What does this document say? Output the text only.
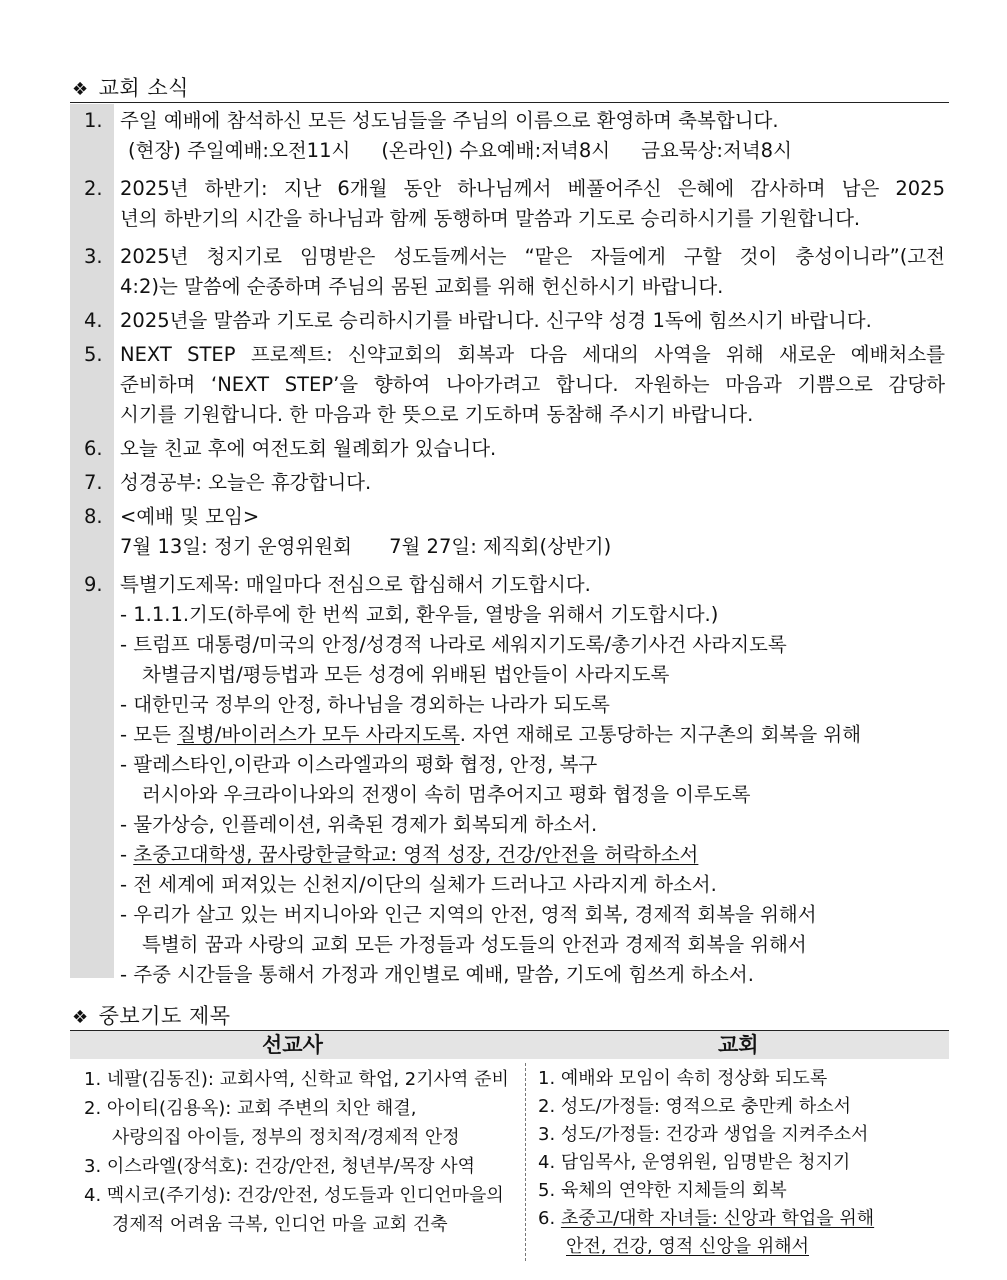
❖ 교회 소식
1. 주일 예배에 참석하신 모든 성도님들을 주님의 이름으로 환영하며 축복합니다.
(현장) 주일예배:오전11시     (온라인) 수요예배:저녁8시     금요묵상:저녁8시
2. 2025년 하반기: 지난 6개월 동안 하나님께서 베풀어주신 은혜에 감사하며 남은 2025
년의 하반기의 시간을 하나님과 함께 동행하며 말씀과 기도로 승리하시기를 기원합니다.
3. 2025년 청지기로 임명받은 성도들께서는 “맡은 자들에게 구할 것이 충성이니라”(고전
4:2)는 말씀에 순종하며 주님의 몸된 교회를 위해 헌신하시기 바랍니다.
4. 2025년을 말씀과 기도로 승리하시기를 바랍니다. 신구약 성경 1독에 힘쓰시기 바랍니다.
5. NEXT STEP 프로젝트: 신약교회의 회복과 다음 세대의 사역을 위해 새로운 예배처소를
준비하며 ‘NEXT STEP’을 향하여 나아가려고 합니다. 자원하는 마음과 기쁨으로 감당하
시기를 기원합니다. 한 마음과 한 뜻으로 기도하며 동참해 주시기 바랍니다.
6. 오늘 친교 후에 여전도회 월례회가 있습니다.
7. 성경공부: 오늘은 휴강합니다.
8. <예배 및 모임>
7월 13일: 정기 운영위원회      7월 27일: 제직회(상반기)
9. 특별기도제목: 매일마다 전심으로 합심해서 기도합시다.
- 1.1.1.기도(하루에 한 번씩 교회, 환우들, 열방을 위해서 기도합시다.)
- 트럼프 대통령/미국의 안정/성경적 나라로 세워지기도록/총기사건 사라지도록
차별금지법/평등법과 모든 성경에 위배된 법안들이 사라지도록
- 대한민국 정부의 안정, 하나님을 경외하는 나라가 되도록
- 모든 질병/바이러스가 모두 사라지도록. 자연 재해로 고통당하는 지구촌의 회복을 위해
- 팔레스타인,이란과 이스라엘과의 평화 협정, 안정, 복구
러시아와 우크라이나와의 전쟁이 속히 멈추어지고 평화 협정을 이루도록
- 물가상승, 인플레이션, 위축된 경제가 회복되게 하소서.
- 초중고대학생, 꿈사랑한글학교: 영적 성장, 건강/안전을 허락하소서
- 전 세계에 퍼져있는 신천지/이단의 실체가 드러나고 사라지게 하소서.
- 우리가 살고 있는 버지니아와 인근 지역의 안전, 영적 회복, 경제적 회복을 위해서
특별히 꿈과 사랑의 교회 모든 가정들과 성도들의 안전과 경제적 회복을 위해서
- 주중 시간들을 통해서 가정과 개인별로 예배, 말씀, 기도에 힘쓰게 하소서.
❖ 중보기도 제목
선교사	교회
1. 네팔(김동진): 교회사역, 신학교 학업, 2기사역 준비
2. 아이티(김용옥): 교회 주변의 치안 해결,
사랑의집 아이들, 정부의 정치적/경제적 안정
3. 이스라엘(장석호): 건강/안전, 청년부/목장 사역
4. 멕시코(주기성): 건강/안전, 성도들과 인디언마을의
경제적 어려움 극복, 인디언 마을 교회 건축
1. 예배와 모임이 속히 정상화 되도록
2. 성도/가정들: 영적으로 충만케 하소서
3. 성도/가정들: 건강과 생업을 지켜주소서
4. 담임목사, 운영위원, 임명받은 청지기
5. 육체의 연약한 지체들의 회복
6. 초중고/대학 자녀들: 신앙과 학업을 위해
안전, 건강, 영적 신앙을 위해서
